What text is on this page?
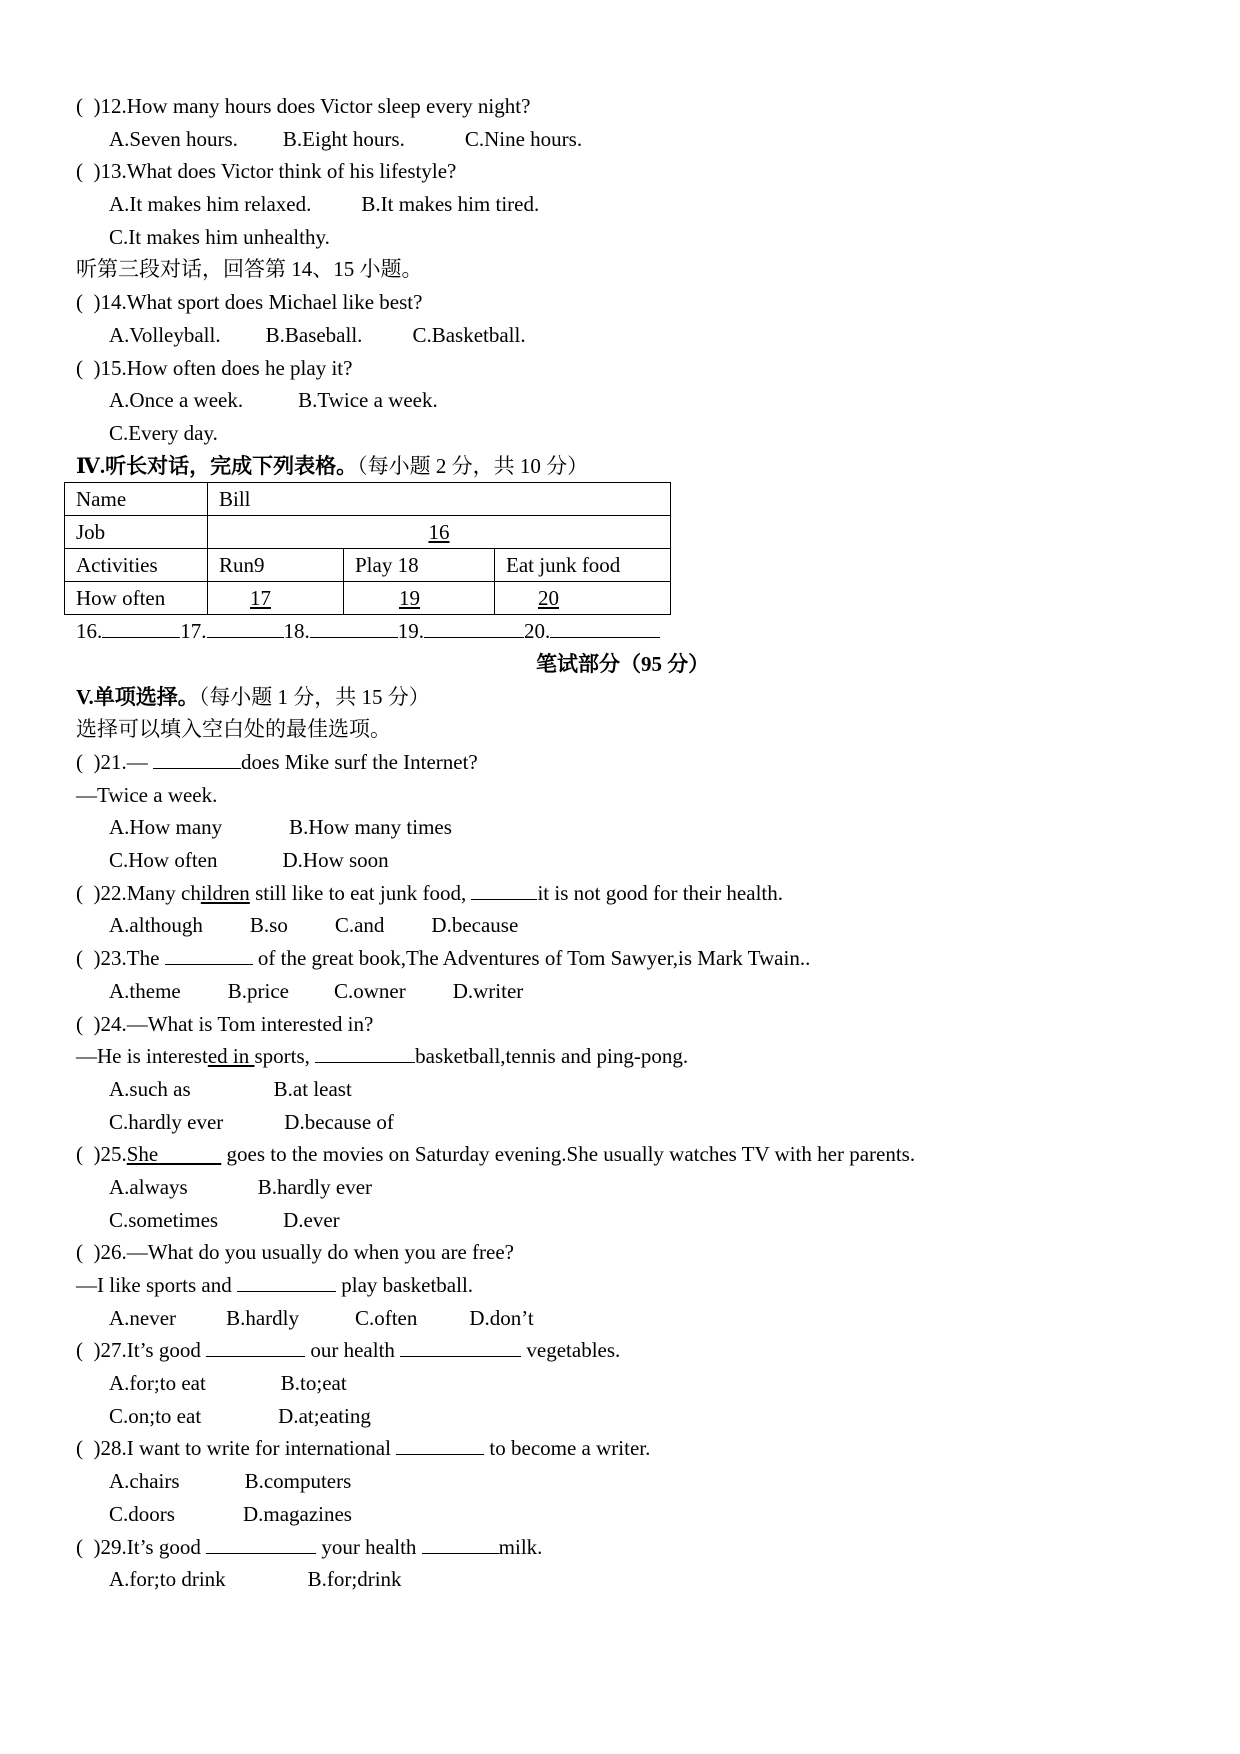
(  )12.How many hours does Victor sleep every night?
A.Seven hours. B.Eight hours.	C.Nine hours.
(  )13.What does Victor think of his lifestyle?
A.It makes him relaxed. B.It makes him tired.
C.It makes him unhealthy.
听第三段对话，回答第 14、15 小题。
(  )14.What sport does Michael like best?
A.Volleyball. B.Baseball. C.Basketball.
(  )15.How often does he play it?
A.Once a week.	B.Twice a week.
C.Every day.
Ⅳ.听长对话，完成下列表格。（每小题 2 分，共 10 分）
Name	Bill		
Job	16		
Activities	Run9	Play 18	Eat junk food
How often	17	19	20
16.	17.	18.	19.	20.
笔试部分（95 分）
V.单项选择。（每小题 1 分，共 15 分）
选择可以填入空白处的最佳选项。
(  )21.—	does Mike surf the Internet?
—Twice a week.
A.How many	B.How many times
C.How often	D.How soon
(  )22.Many children still like to eat junk food,	it is not good for their health.
A.although B.so C.and D.because
(  )23.The	of the great book,The Adventures of Tom Sawyer,is Mark Twain..
A.theme B.price C.owner D.writer
(  )24.—What is Tom interested in?
—He is interested in sports,	basketball,tennis and ping-pong.
A.such as	B.at least
C.hardly ever	D.because of
(  )25.She	goes to the movies on Saturday evening.She usually watches TV with her parents.
A.always	B.hardly ever
C.sometimes	D.ever
(  )26.—What do you usually do when you are free?
—I like sports and	play basketball.
A.never B.hardly	C.often D.don’t
(  )27.It’s good	our health	vegetables.
A.for;to eat	B.to;eat
C.on;to eat	D.at;eating
(  )28.I want to write for international	to become a writer.
A.chairs	B.computers
C.doors	D.magazines
(  )29.It’s good	your health	milk.
A.for;to drink	B.for;drink
